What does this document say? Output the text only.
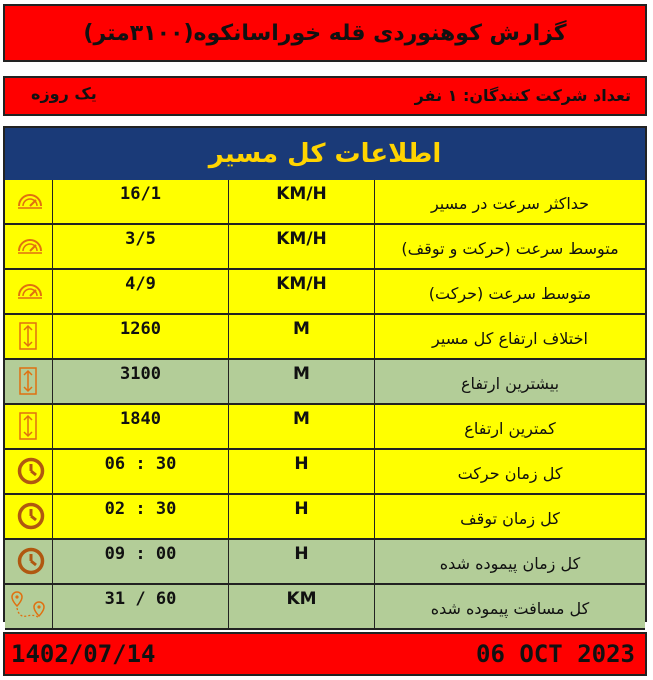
گزارش کوهنوردی قله خوراسانکوه(۳۱۰۰متر)
تعداد شرکت کنندگان: ۱ نفر
یک روزه
اطلاعات کل مسیر
16/1	KM/H	حداکثر سرعت در مسیر
3/5	KM/H	متوسط سرعت (حرکت و توقف)
4/9	KM/H	متوسط سرعت (حرکت)
1260	M	اختلاف ارتفاع کل مسیر
3100	M	بیشترین ارتفاع
1840	M	کمترین ارتفاع
06 : 30	H	کل زمان حرکت
02 : 30	H	کل زمان توقف
09 : 00	H	کل زمان پیموده شده
31 / 60	KM	کل مسافت پیموده شده
1402/07/14	06 OCT 2023
